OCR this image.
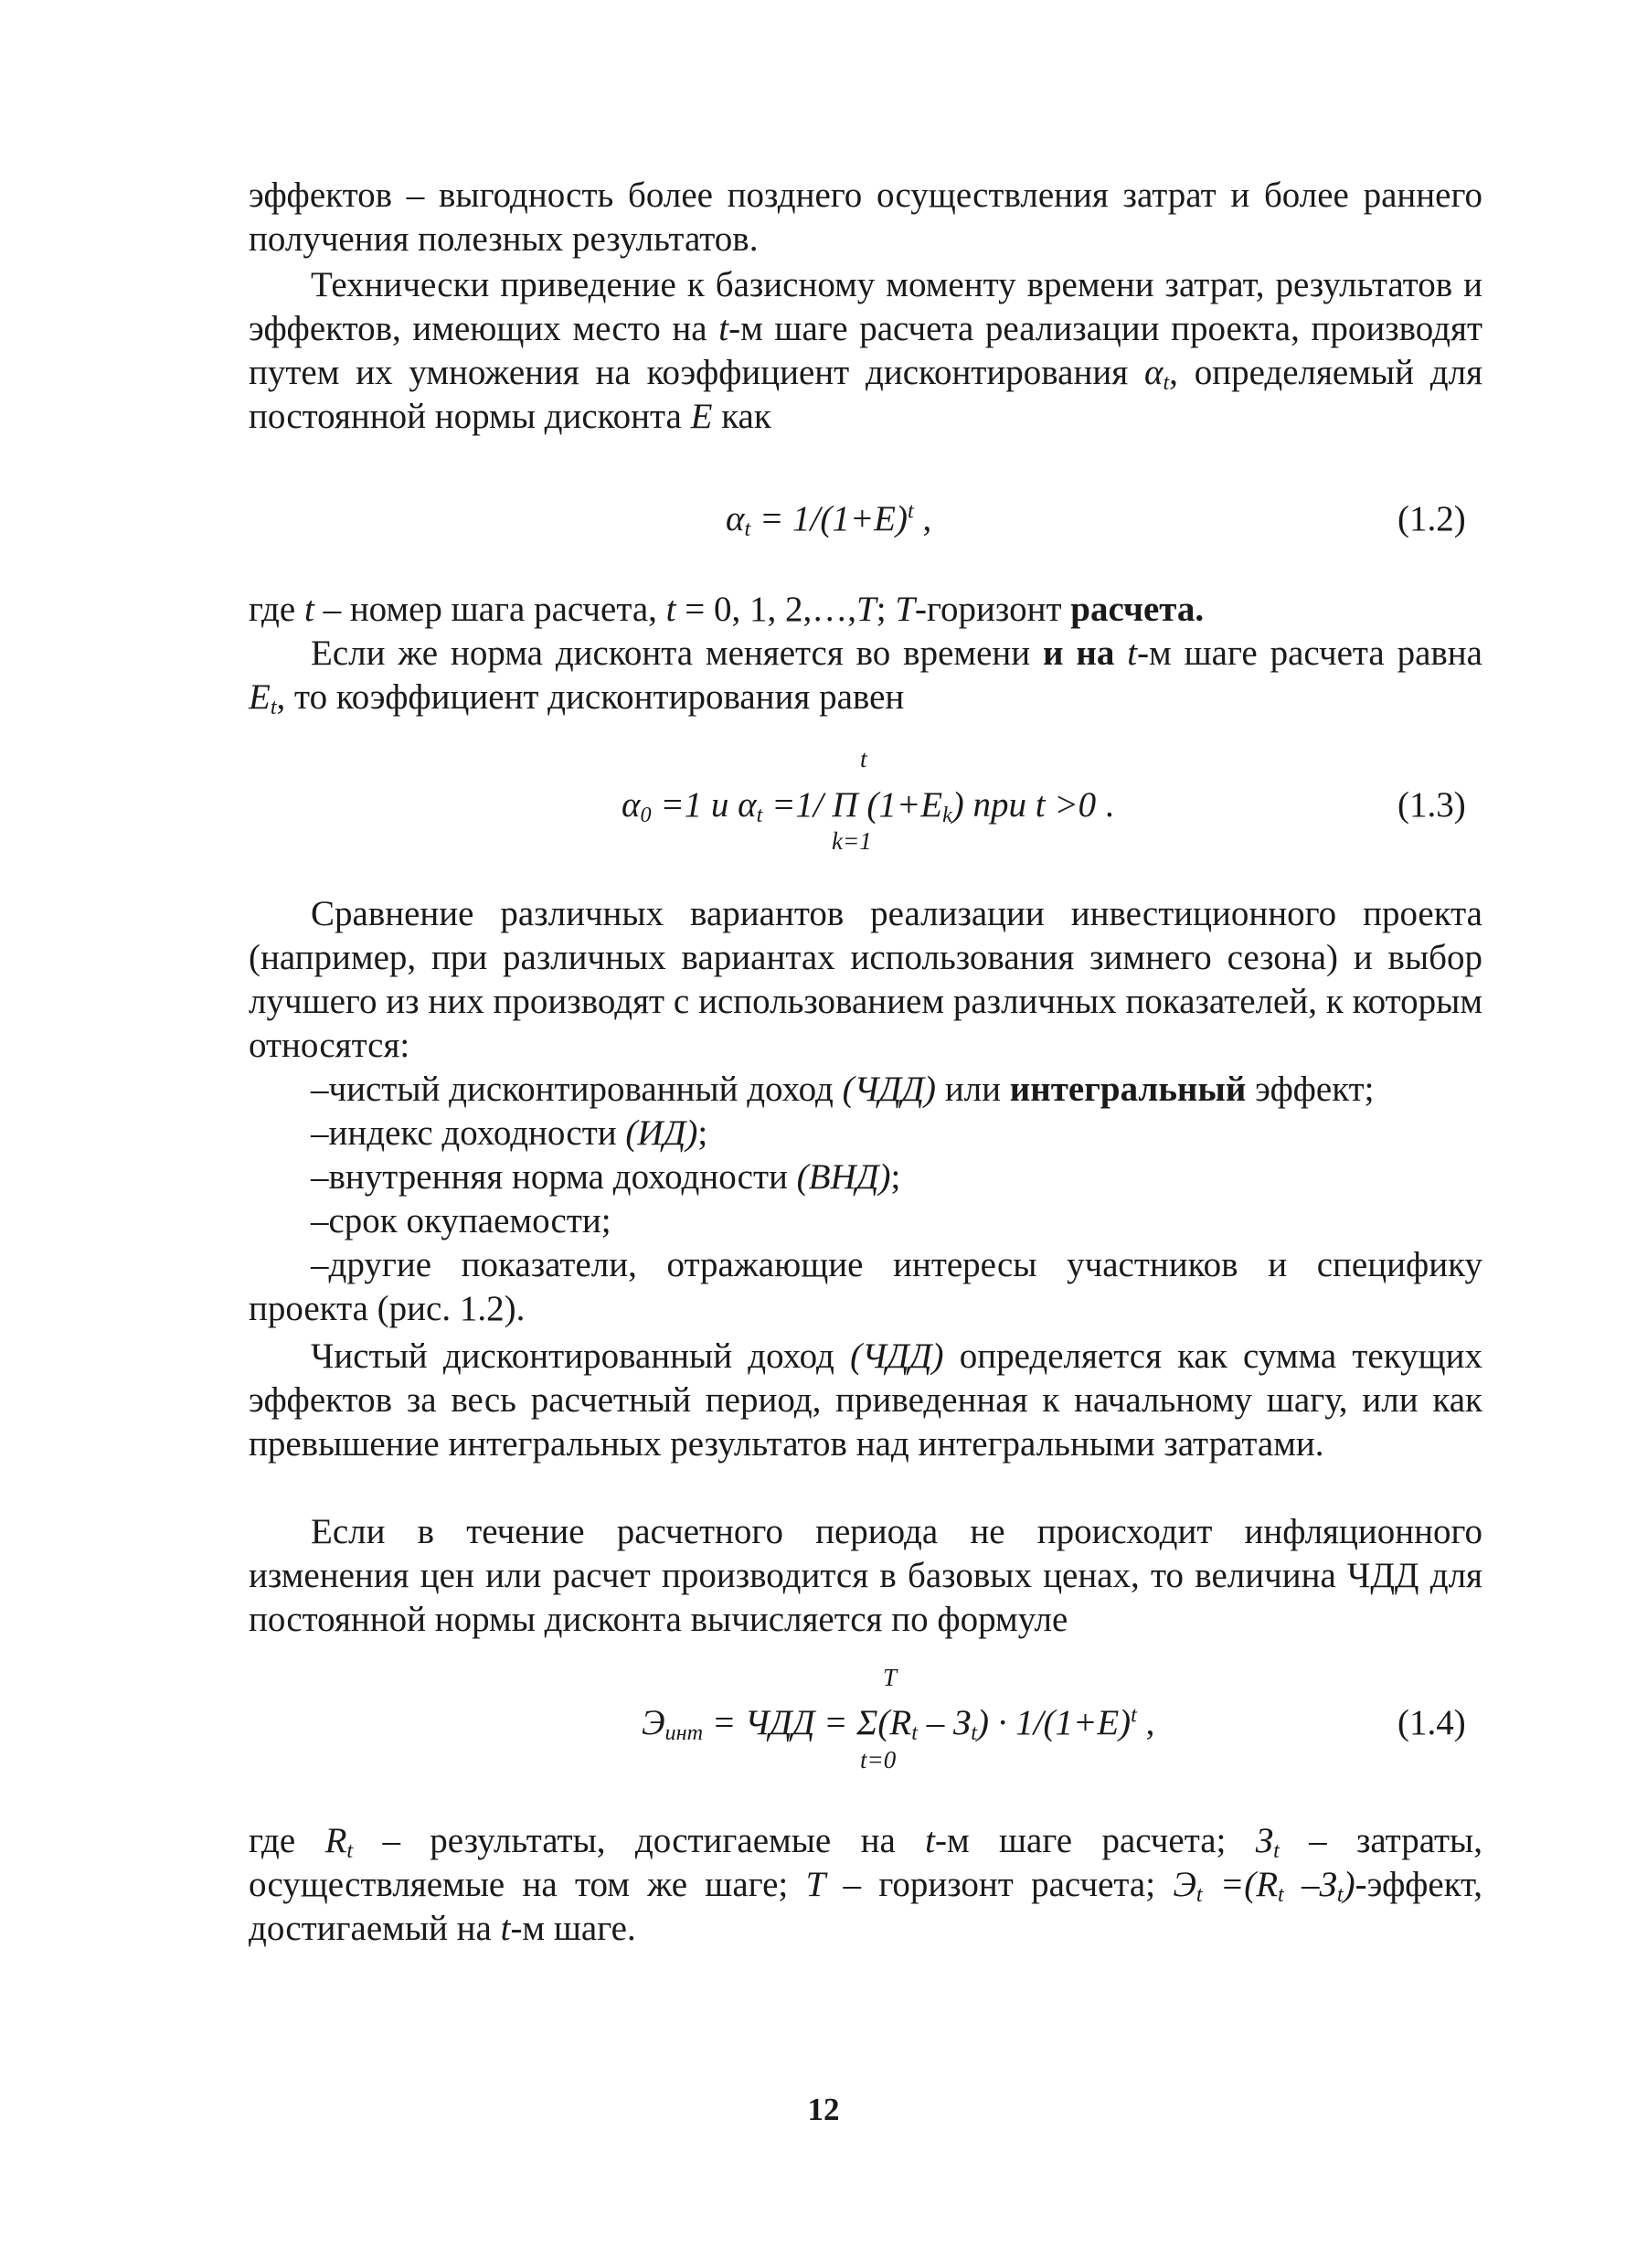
эффектов – выгодность более позднего осуществления затрат и более раннего получения полезных результатов.

Технически приведение к базисному моменту времени затрат, результатов и эффектов, имеющих место на t-м шаге расчета реализации проекта, производят путем их умножения на коэффициент дисконтирования $\alpha_t$, определяемый для постоянной нормы дисконта E как

$\alpha_t = 1/(1+E)^t$ ,	(1.2)

где t – номер шага расчета, t = 0, 1, 2,…,T; T-горизонт расчета.

Если же норма дисконта меняется во времени и на t-м шаге расчета равна $E_t$, то коэффициент дисконтирования равен

t
$\alpha_0 =1$ и $\alpha_t =1/$ П $(1+E_k)$ при t >0 .
k=1
(1.3)

Сравнение различных вариантов реализации инвестиционного проекта (например, при различных вариантах использования зимнего сезона) и выбор лучшего из них производят с использованием различных показателей, к которым относятся:

–чистый дисконтированный доход (ЧДД) или интегральный эффект;

–индекс доходности (ИД);

–внутренняя норма доходности (ВНД);

–срок окупаемости;

–другие показатели, отражающие интересы участников и специфику проекта (рис. 1.2).

Чистый дисконтированный доход (ЧДД) определяется как сумма текущих эффектов за весь расчетный период, приведенная к начальному шагу, или как превышение интегральных результатов над интегральными затратами.

Если в течение расчетного периода не происходит инфляционного изменения цен или расчет производится в базовых ценах, то величина ЧДД для постоянной нормы дисконта вычисляется по формуле

T
$Э_{инт}$ = ЧДД = $\Sigma(R_t - З_t) \cdot 1/(1+E)^t$ ,
t=0
(1.4)

где $R_t$ – результаты, достигаемые на t-м шаге расчета; $З_t$ – затраты, осуществляемые на том же шаге; T – горизонт расчета; $Э_t =(R_t$ $-З_t$)-эффект, достигаемый на t-м шаге.

12
